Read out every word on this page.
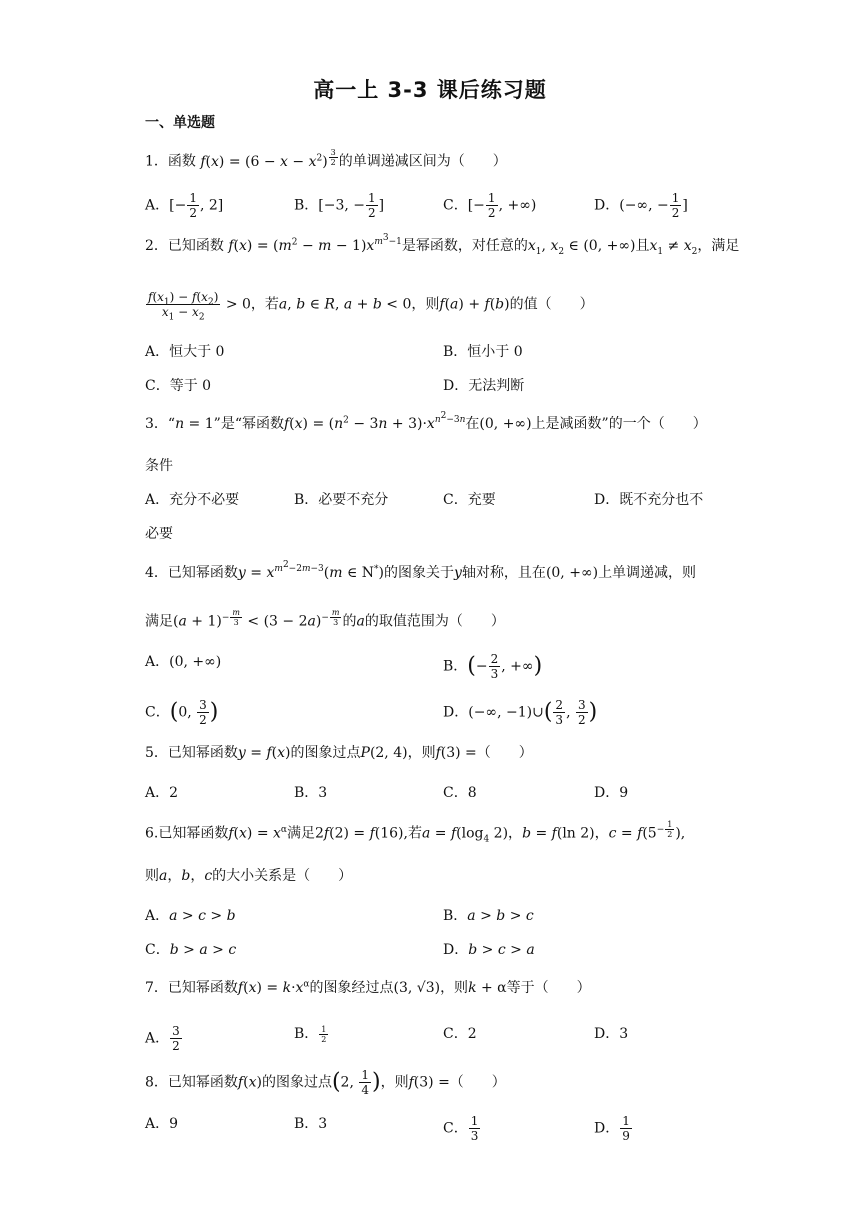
高一上 3-3 课后练习题
一、单选题
1．函数 $f(x) = (6 - x - x^2)$ $^{\frac{3}{2}}$ 的单调递减区间为（　　）
A．[− $\frac{1}{2}$ , 2]	B．[−3, − $\frac{1}{2}$ ]	C．[− $\frac{1}{2}$ , +∞)	D．(−∞, − $\frac{1}{2}$ ]
2．已知函数 $f(x) = (m^2 - m - 1)x^{m^3-1}$是幂函数，对任意的$x_1$, $x_2$ ∈ (0, +∞)且$x_1 \ne x_2$，满足
$\frac{f(x_1) - f(x_2)}{x_1 - x_2} > 0$，若a, b ∈ R, a + b < 0，则f(a) + f(b)的值（　　）
A．恒大于 0	B．恒小于 0
C．等于 0	D．无法判断
3．“n = 1”是“幂函数$f(x) = (n^2 - 3n + 3)\cdot x^{n^2-3n}$在(0, +∞)上是减函数”的一个（　　）
条件
A．充分不必要	B．必要不充分	C．充要	D．既不充分也不
必要
4．已知幂函数$y = x^{m^2-2m-3}(m$ ∈ N*)的图象关于y轴对称，且在(0, +∞)上单调递减，则
满足$(a + 1)^{- \frac{m}{3}} < (3 - 2a)^{- \frac{m}{3}}$ 的a的取值范围为（　　）
A．(0, +∞)	B．(− $\frac{2}{3}$ , +∞)
C．(0, $\frac{3}{2}$ )	D．(−∞, −1)∪( $\frac{2}{3}$ , $\frac{3}{2}$ )
5．已知幂函数y = f(x)的图象过点P(2, 4)，则f(3) =（　　）
A．2	B．3	C．8	D．9
6.已知幂函数$f(x) = x^\alpha$满足2f(2) = f(16),若$a = f(\log_4$ 2)，b = f(ln 2)，$c = f(5^{- \frac{1}{2}}$ ),
则a，b，c的大小关系是（　　）
A．a > c > b	B．a > b > c
C．b > a > c	D．b > c > a
7．已知幂函数$f(x) = k\cdot x^\alpha$的图象经过点(3, √3)，则k + α等于（　　）
A． $\frac{3}{2}$	B． $\frac{1}{2}$	C．2	D．3
8．已知幂函数f(x)的图象过点(2, $\frac{1}{4}$ )，则f(3) =（　　）
A．9	B．3	C． $\frac{1}{3}$	D． $\frac{1}{9}$
